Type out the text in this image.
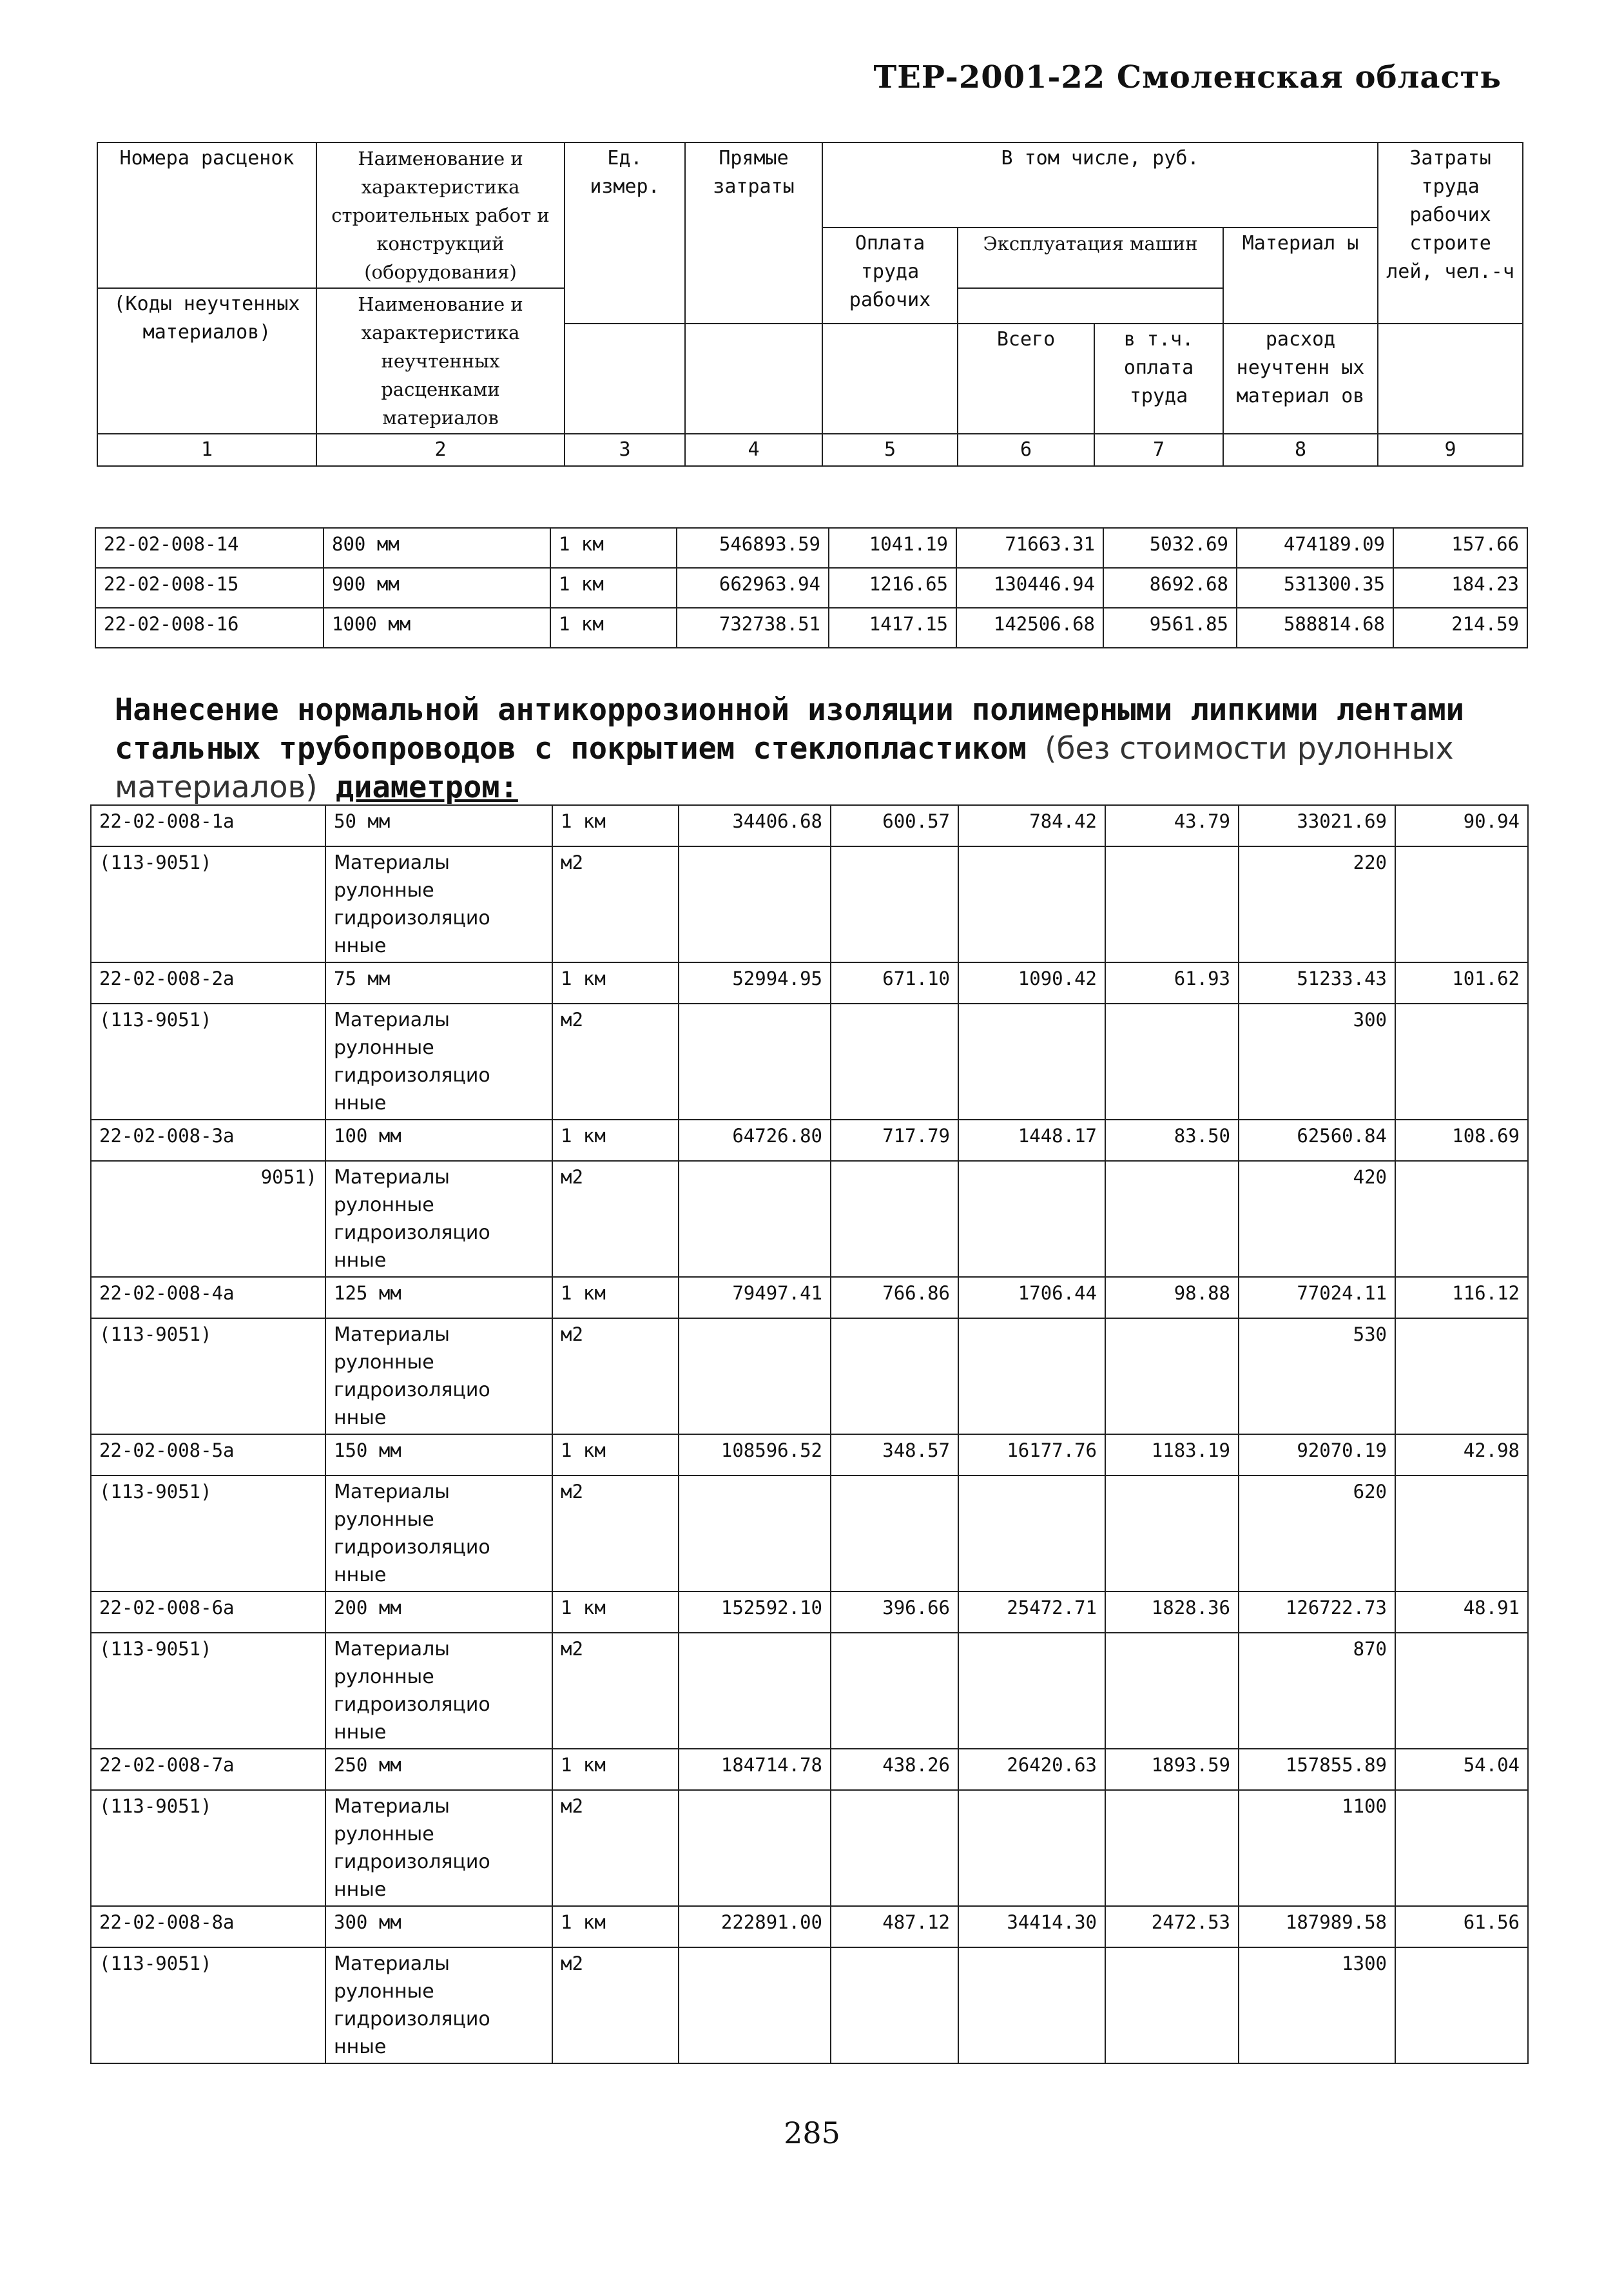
ТЕР-2001-22 Смоленская область
Номера расценок	Наименование и характеристика строительных работ и конструкций (оборудования)	Ед. измер.	Прямые затраты	В том числе, руб.				Затраты труда рабочих строите лей, чел.-ч
				Оплата труда рабочих	Эксплуатация машин		Материал ы	
(Коды неучтенных материалов)	Наименование и характеристика неучтенных расценками материалов							
					Всего	в т.ч. оплата труда	расход неучтенн ых материал ов	
1	2	3	4	5	6	7	8	9
22-02-008-14	800 мм	1 км	546893.59	1041.19	71663.31	5032.69	474189.09	157.66
22-02-008-15	900 мм	1 км	662963.94	1216.65	130446.94	8692.68	531300.35	184.23
22-02-008-16	1000 мм	1 км	732738.51	1417.15	142506.68	9561.85	588814.68	214.59
Нанесение нормальной антикоррозионной изоляции полимерными липкими лентами стальных трубопроводов с покрытием стеклопластиком (без стоимости рулонных материалов) диаметром:
22-02-008-1а	50 мм	1 км	34406.68	600.57	784.42	43.79	33021.69	90.94
(113-9051)	Материалы рулонные гидроизоляцио нные	м2					220	
22-02-008-2а	75 мм	1 км	52994.95	671.10	1090.42	61.93	51233.43	101.62
(113-9051)	Материалы рулонные гидроизоляцио нные	м2					300	
22-02-008-3а	100 мм	1 км	64726.80	717.79	1448.17	83.50	62560.84	108.69
9051)	Материалы рулонные гидроизоляцио нные	м2					420	
22-02-008-4а	125 мм	1 км	79497.41	766.86	1706.44	98.88	77024.11	116.12
(113-9051)	Материалы рулонные гидроизоляцио нные	м2					530	
22-02-008-5а	150 мм	1 км	108596.52	348.57	16177.76	1183.19	92070.19	42.98
(113-9051)	Материалы рулонные гидроизоляцио нные	м2					620	
22-02-008-6а	200 мм	1 км	152592.10	396.66	25472.71	1828.36	126722.73	48.91
(113-9051)	Материалы рулонные гидроизоляцио нные	м2					870	
22-02-008-7а	250 мм	1 км	184714.78	438.26	26420.63	1893.59	157855.89	54.04
(113-9051)	Материалы рулонные гидроизоляцио нные	м2					1100	
22-02-008-8а	300 мм	1 км	222891.00	487.12	34414.30	2472.53	187989.58	61.56
(113-9051)	Материалы рулонные гидроизоляцио нные	м2					1300	
285
